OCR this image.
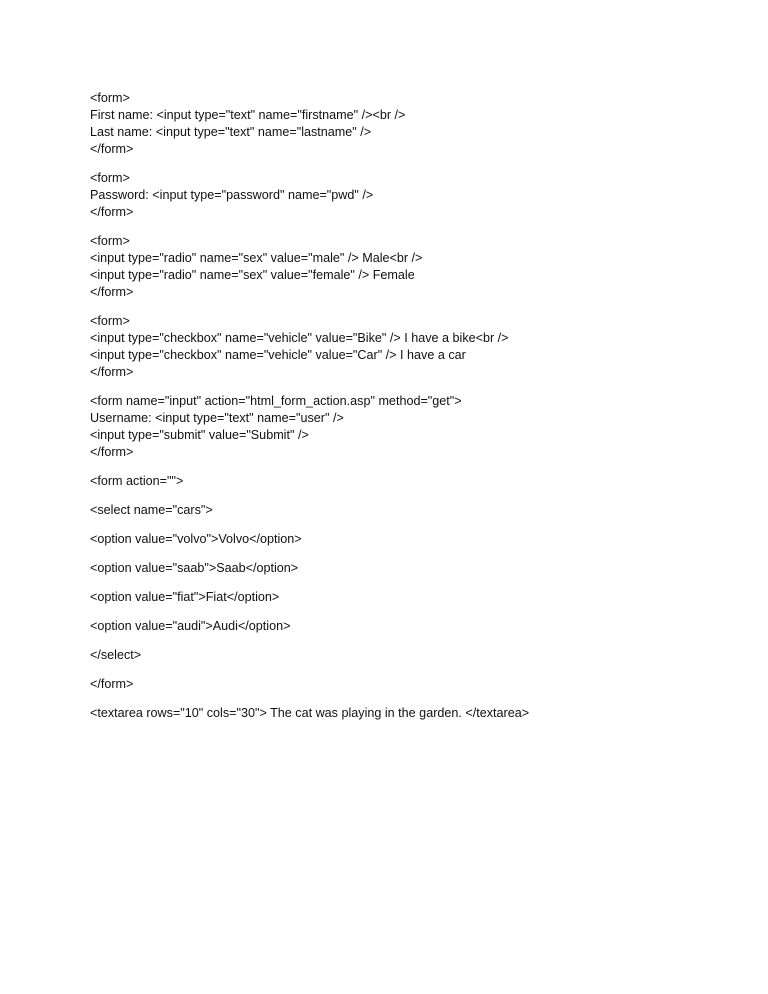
<form>
First name: <input type="text" name="firstname" /><br />
Last name: <input type="text" name="lastname" />
</form>
<form>
Password: <input type="password" name="pwd" />
</form>
<form>
<input type="radio" name="sex" value="male" /> Male<br />
<input type="radio" name="sex" value="female" /> Female
</form>
<form>
<input type="checkbox" name="vehicle" value="Bike" /> I have a bike<br />
<input type="checkbox" name="vehicle" value="Car" /> I have a car
</form>
<form name="input" action="html_form_action.asp" method="get">
Username: <input type="text" name="user" />
<input type="submit" value="Submit" />
</form>
<form action="">
<select name="cars">
<option value="volvo">Volvo</option>
<option value="saab">Saab</option>
<option value="fiat">Fiat</option>
<option value="audi">Audi</option>
</select>
</form>
<textarea rows="10" cols="30"> The cat was playing in the garden. </textarea>
